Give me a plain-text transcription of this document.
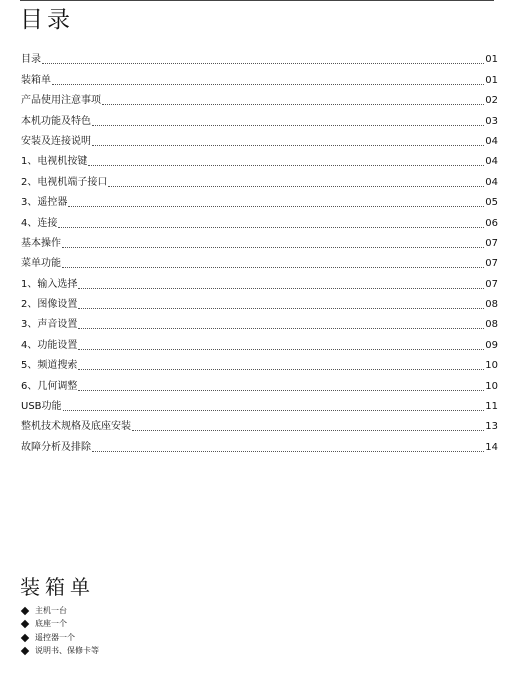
目录
目录	01
装箱单	01
产品使用注意事项	02
本机功能及特色	03
安装及连接说明	04
1、电视机按键	04
2、电视机端子接口	04
3、遥控器	05
4、连接	06
基本操作	07
菜单功能	07
1、输入选择	07
2、图像设置	08
3、声音设置	08
4、功能设置	09
5、频道搜索	10
6、几何调整	10
USB功能	11
整机技术规格及底座安装	13
故障分析及排除	14
装箱单
主机一台
底座一个
遥控器一个
说明书、保修卡等
